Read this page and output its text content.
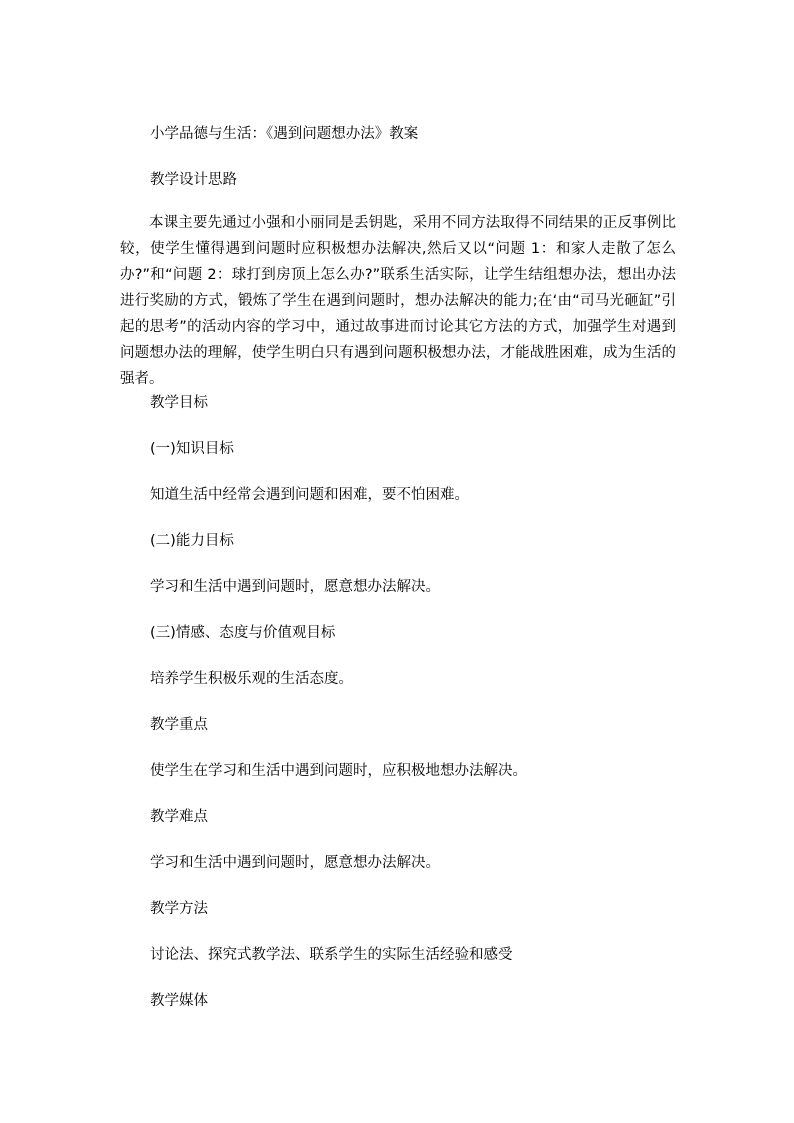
小学品德与生活：《遇到问题想办法》教案
教学设计思路
本课主要先通过小强和小丽同是丢钥匙，采用不同方法取得不同结果的正反事例比较，使学生懂得遇到问题时应积极想办法解决,然后又以“问题 1：和家人走散了怎么办?”和“问题 2：球打到房顶上怎么办?”联系生活实际，让学生结组想办法，想出办法进行奖励的方式，锻炼了学生在遇到问题时，想办法解决的能力;在‘由“司马光砸缸”引起的思考”的活动内容的学习中，通过故事进而讨论其它方法的方式，加强学生对遇到问题想办法的理解，使学生明白只有遇到问题积极想办法，才能战胜困难，成为生活的强者。
教学目标
(一)知识目标
知道生活中经常会遇到问题和困难，要不怕困难。
(二)能力目标
学习和生活中遇到问题时，愿意想办法解决。
(三)情感、态度与价值观目标
培养学生积极乐观的生活态度。
教学重点
使学生在学习和生活中遇到问题时，应积极地想办法解决。
教学难点
学习和生活中遇到问题时，愿意想办法解决。
教学方法
讨论法、探究式教学法、联系学生的实际生活经验和感受
教学媒体
